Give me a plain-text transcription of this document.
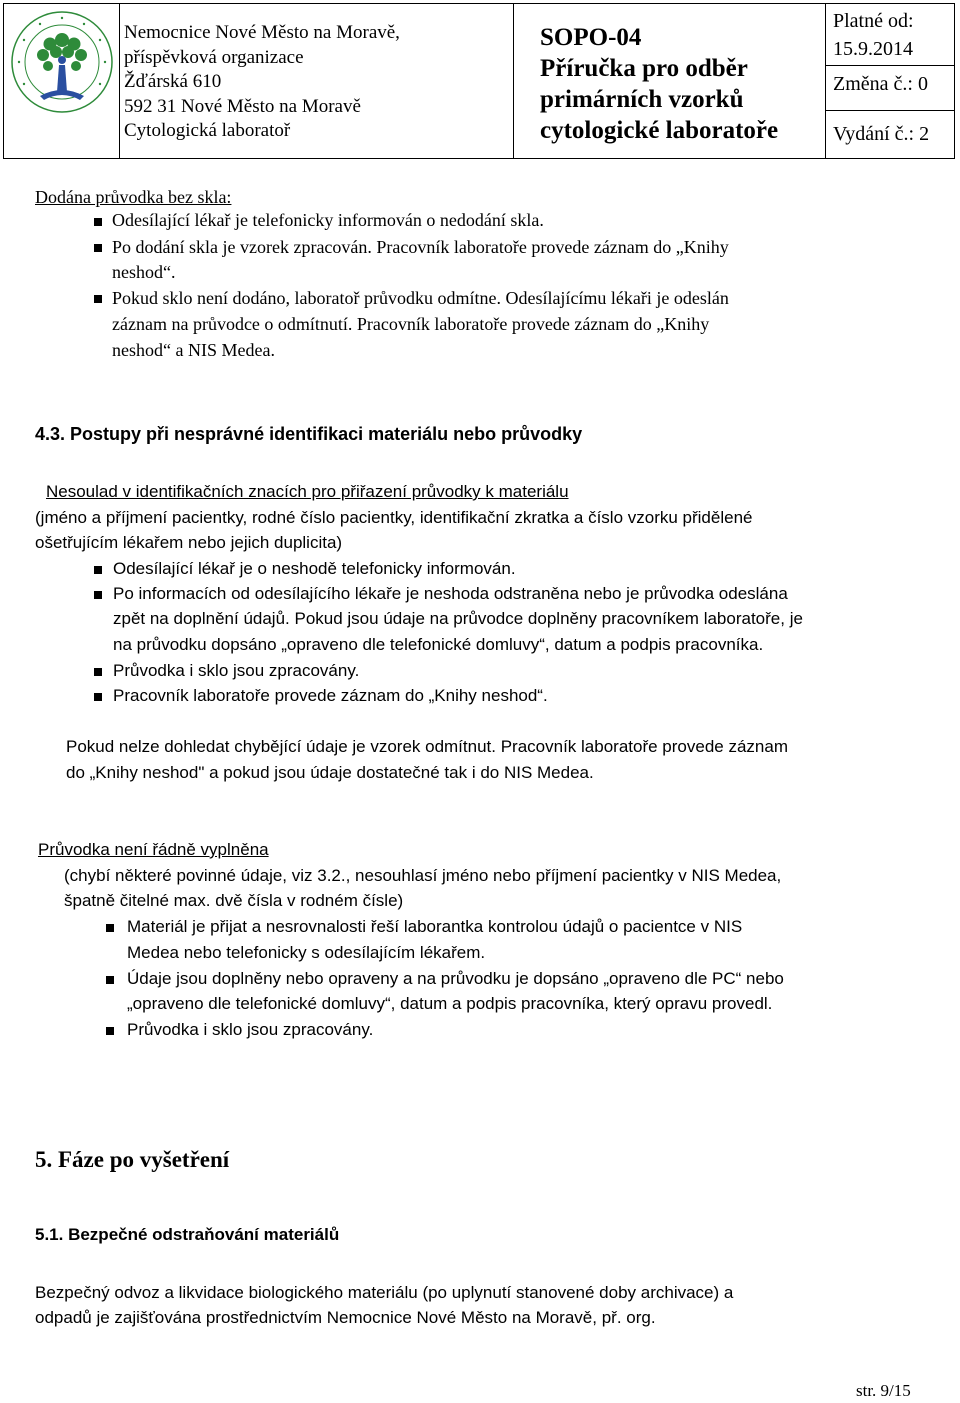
Nemocnice Nové Město na Moravě,
příspěvková organizace
Žďárská 610
592 31 Nové Město na Moravě
Cytologická laboratoř
SOPO-04
Příručka pro odběr
primárních vzorků
cytologické laboratoře
Platné od:
15.9.2014
Změna č.: 0
Vydání č.: 2
Dodána průvodka bez skla:
Odesílající lékař je telefonicky informován o nedodání skla.
Po dodání skla je vzorek zpracován. Pracovník laboratoře provede záznam do „Knihy
neshod“.
Pokud sklo není dodáno, laboratoř průvodku odmítne. Odesílajícímu lékaři je odeslán
záznam na průvodce o odmítnutí. Pracovník laboratoře provede záznam do „Knihy
neshod“ a NIS Medea.
4.3. Postupy při nesprávné identifikaci materiálu nebo průvodky
Nesoulad v identifikačních znacích pro přiřazení průvodky k materiálu
(jméno a příjmení pacientky, rodné číslo pacientky, identifikační zkratka a číslo vzorku přidělené
ošetřujícím lékařem nebo jejich duplicita)
Odesílající lékař je o neshodě telefonicky informován.
Po informacích od odesílajícího lékaře je neshoda odstraněna nebo je průvodka odeslána
zpět na doplnění údajů. Pokud jsou údaje na průvodce doplněny pracovníkem laboratoře, je
na průvodku dopsáno „opraveno dle telefonické domluvy“, datum a podpis pracovníka.
Průvodka i sklo jsou zpracovány.
Pracovník laboratoře provede záznam do „Knihy neshod“.
Pokud nelze dohledat chybějící údaje je vzorek odmítnut. Pracovník laboratoře provede záznam
do „Knihy neshod" a pokud jsou údaje dostatečné tak i do NIS Medea.
Průvodka není řádně vyplněna
(chybí některé povinné údaje, viz 3.2., nesouhlasí jméno nebo příjmení pacientky v NIS Medea,
špatně čitelné max. dvě čísla v rodném čísle)
Materiál je přijat a nesrovnalosti řeší laborantka kontrolou údajů o pacientce v NIS
Medea nebo telefonicky s odesílajícím lékařem.
Údaje jsou doplněny nebo opraveny a na průvodku je dopsáno „opraveno dle PC“ nebo
„opraveno dle telefonické domluvy“, datum a podpis pracovníka, který opravu provedl.
Průvodka i sklo jsou zpracovány.
5. Fáze po vyšetření
5.1. Bezpečné odstraňování materiálů
Bezpečný odvoz a likvidace biologického materiálu (po uplynutí stanovené doby archivace) a
odpadů je zajišťována prostřednictvím Nemocnice Nové Město na Moravě, př. org.
str. 9/15
